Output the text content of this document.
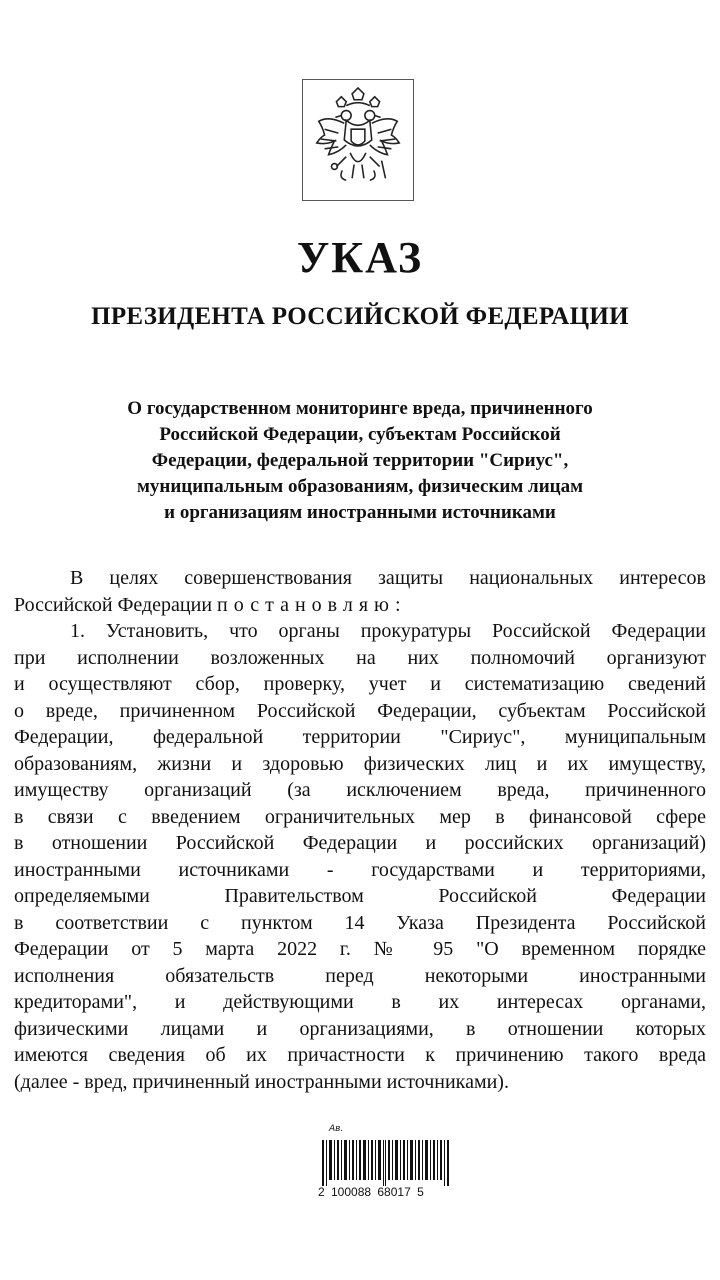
УКАЗ
ПРЕЗИДЕНТА РОССИЙСКОЙ ФЕДЕРАЦИИ
О государственном мониторинге вреда, причиненного
Российской Федерации, субъектам Российской
Федерации, федеральной территории "Сириус",
муниципальным образованиям, физическим лицам
и организациям иностранными источниками
В целях совершенствования защиты национальных интересов
Российской Федерации постановляю:
1. Установить, что органы прокуратуры Российской Федерации
при исполнении возложенных на них полномочий организуют
и осуществляют сбор, проверку, учет и систематизацию сведений
о вреде, причиненном Российской Федерации, субъектам Российской
Федерации, федеральной территории "Сириус", муниципальным
образованиям, жизни и здоровью физических лиц и их имуществу,
имуществу организаций (за исключением вреда, причиненного
в связи с введением ограничительных мер в финансовой сфере
в отношении Российской Федерации и российских организаций)
иностранными источниками - государствами и территориями,
определяемыми Правительством Российской Федерации
в соответствии с пунктом 14 Указа Президента Российской
Федерации от 5 марта 2022 г. № 95 "О временном порядке
исполнения обязательств перед некоторыми иностранными
кредиторами", и действующими в их интересах органами,
физическими лицами и организациями, в отношении которых
имеются сведения об их причастности к причинению такого вреда
(далее - вред, причиненный иностранными источниками).
Ав.
2 100088 68017 5
